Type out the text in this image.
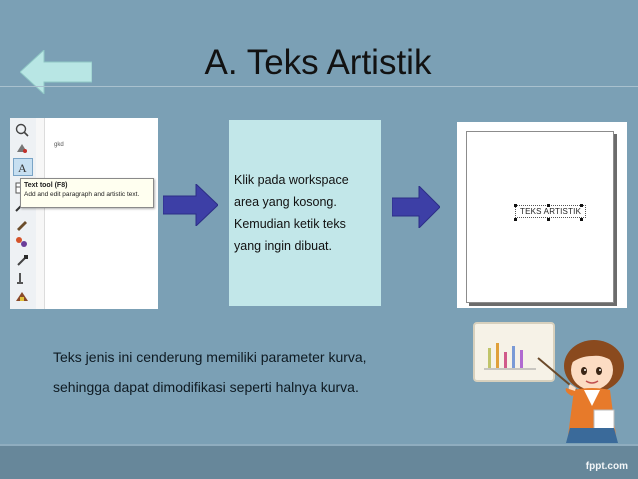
A. Teks Artistik
A
gkd
Text tool (F8)
Add and edit paragraph and artistic text.

Klik pada workspace

area yang kosong.

Kemudian ketik teks

yang ingin dibuat.

TEKS ARTISTIK
Teks jenis ini cenderung memiliki parameter kurva,
sehingga dapat dimodifikasi seperti halnya kurva.
fppt.com
